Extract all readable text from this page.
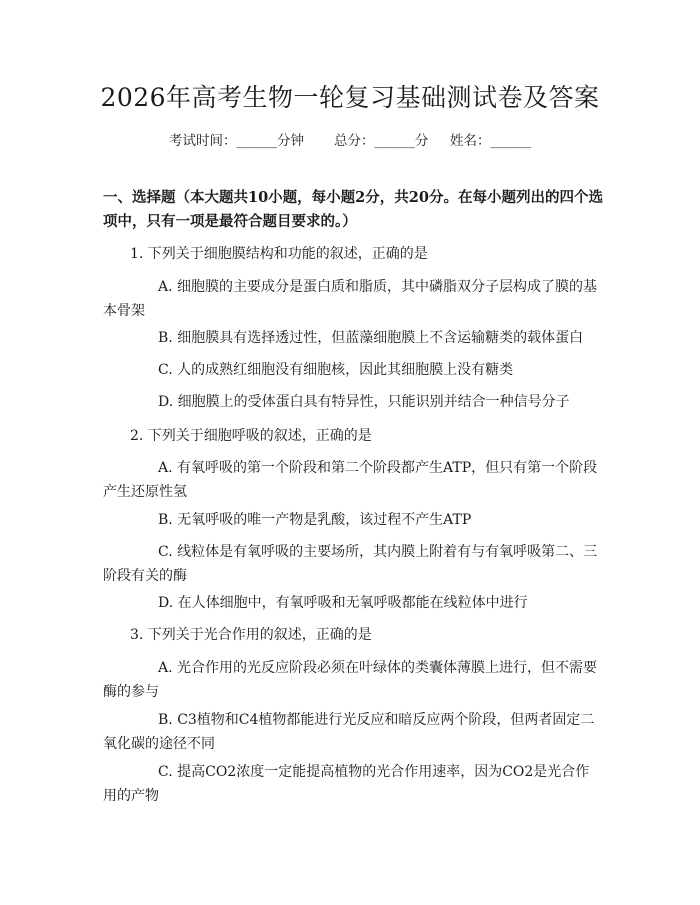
2026年高考生物一轮复习基础测试卷及答案
考试时间：______分钟 总分：______分 姓名：______
一、选择题（本大题共10小题，每小题2分，共20分。在每小题列出的四个选项中，只有一项是最符合题目要求的。）
1. 下列关于细胞膜结构和功能的叙述，正确的是
A. 细胞膜的主要成分是蛋白质和脂质，其中磷脂双分子层构成了膜的基本骨架
B. 细胞膜具有选择透过性，但蓝藻细胞膜上不含运输糖类的载体蛋白
C. 人的成熟红细胞没有细胞核，因此其细胞膜上没有糖类
D. 细胞膜上的受体蛋白具有特异性，只能识别并结合一种信号分子
2. 下列关于细胞呼吸的叙述，正确的是
A. 有氧呼吸的第一个阶段和第二个阶段都产生ATP，但只有第一个阶段产生还原性氢
B. 无氧呼吸的唯一产物是乳酸，该过程不产生ATP
C. 线粒体是有氧呼吸的主要场所，其内膜上附着有与有氧呼吸第二、三阶段有关的酶
D. 在人体细胞中，有氧呼吸和无氧呼吸都能在线粒体中进行
3. 下列关于光合作用的叙述，正确的是
A. 光合作用的光反应阶段必须在叶绿体的类囊体薄膜上进行，但不需要酶的参与
B. C3植物和C4植物都能进行光反应和暗反应两个阶段，但两者固定二氧化碳的途径不同
C. 提高CO2浓度一定能提高植物的光合作用速率，因为CO2是光合作用的产物
